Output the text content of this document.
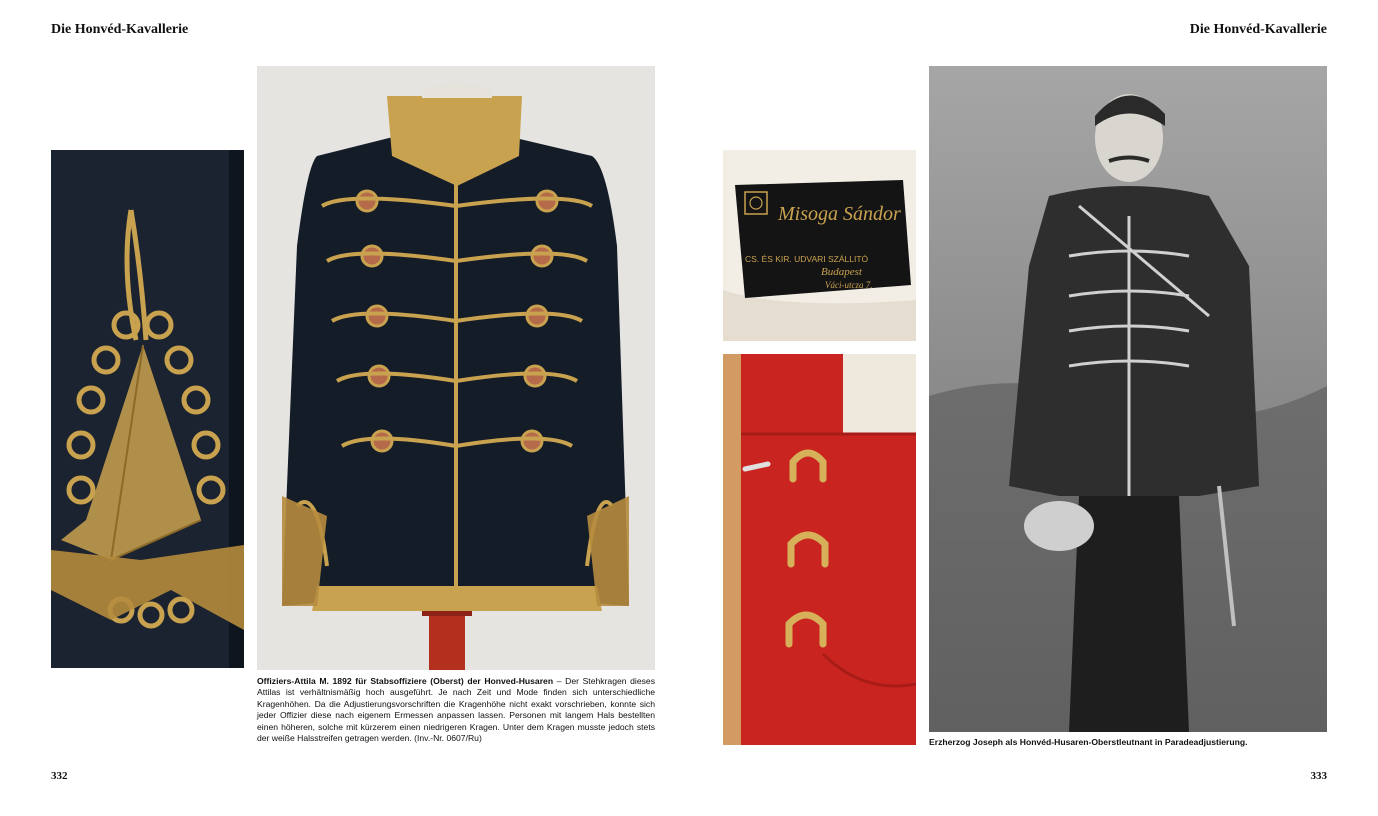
Die Honvéd-Kavallerie	Die Honvéd-Kavallerie
Misoga Sándor
CS. ÉS KIR. UDVARI SZÁLLITÓ
Budapest
Váci-utcza 7.
Offiziers-Attila M. 1892 für Stabsoffiziere (Oberst) der Honved-Husaren – Der Stehkragen dieses Attilas ist verhältnismäßig hoch ausgeführt. Je nach Zeit und Mode finden sich unterschiedliche Kragenhöhen. Da die Adjustierungsvorschriften die Kragenhöhe nicht exakt vorschrieben, konnte sich jeder Offizier diese nach eigenem Ermessen anpassen lassen. Personen mit langem Hals bestellten einen höheren, solche mit kürzerem einen niedrigeren Kragen. Unter dem Kragen musste jedoch stets der weiße Halsstreifen getragen werden. (Inv.-Nr. 0607/Ru)	Erzherzog Joseph als Honvéd-Husaren-Oberstleutnant in Paradeadjustierung.
332	333
